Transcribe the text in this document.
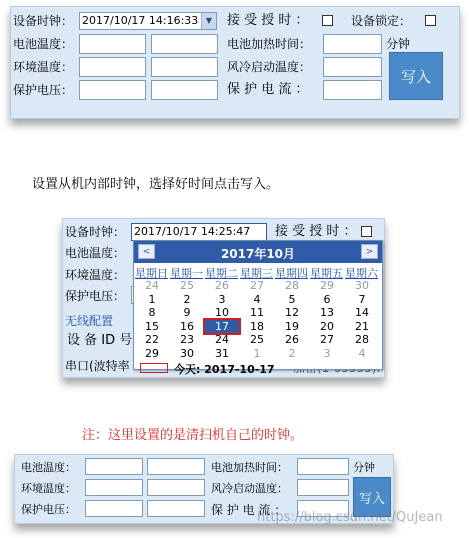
设备时钟： 2017/10/17 14:16:33 ▼	接 受 授 时 ：	设备锁定：
电池温度：	电池加热时间：	分钟
环境温度：	风冷启动温度：
保护电压：	保 护 电 流 ：
写入
设置从机内部时钟，选择好时间点击写入。
设备时钟： 2017/10/17 14:25:47	接 受 授 时 ：
电池温度：
环境温度：
保护电压：
无线配置
设 备 ID 号
串口(波特率
<	2017年10月	>
星期日 星期一 星期二 星期三 星期四 星期五 星期六
24	25	26	27	28	29	30
1	2	3	4	5	6	7
8	9	10	11	12	13	14
15	16	17	18	19	20	21
22	23	24	25	26	27	28
29	30	31	1	2	3	4
今天: 2017-10-17
注：这里设置的是清扫机自己的时钟。
电池温度：	电池加热时间：	分钟
环境温度：	风冷启动温度：
保护电压：	保 护 电 流 ：
写入
https://blog.csdn.net/QuJean
